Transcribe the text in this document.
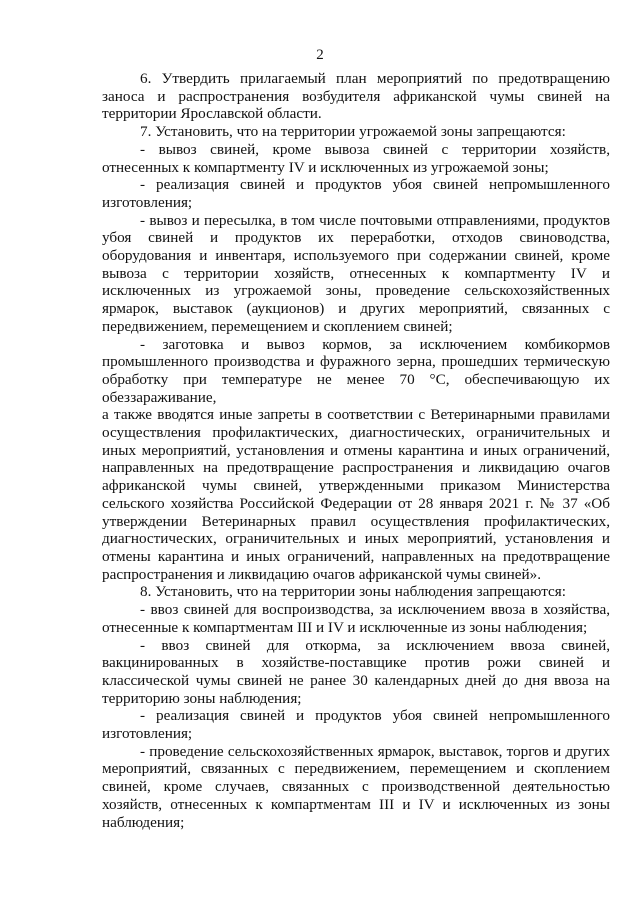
2

6. Утвердить прилагаемый план мероприятий по предотвращению заноса и распространения возбудителя африканской чумы свиней на территории Ярославской области.

7. Установить, что на территории угрожаемой зоны запрещаются:

- вывоз свиней, кроме вывоза свиней с территории хозяйств, отнесенных к компартменту IV и исключенных из угрожаемой зоны;

- реализация свиней и продуктов убоя свиней непромышленного изготовления;

- вывоз и пересылка, в том числе почтовыми отправлениями, продуктов убоя свиней и продуктов их переработки, отходов свиноводства, оборудования и инвентаря, используемого при содержании свиней, кроме вывоза с территории хозяйств, отнесенных к компартменту IV и исключенных из угрожаемой зоны, проведение сельскохозяйственных ярмарок, выставок (аукционов) и других мероприятий, связанных с передвижением, перемещением и скоплением свиней;

- заготовка и вывоз кормов, за исключением комбикормов промышленного производства и фуражного зерна, прошедших термическую обработку при температуре не менее 70 °С, обеспечивающую их обеззараживание,

а также вводятся иные запреты в соответствии с Ветеринарными правилами осуществления профилактических, диагностических, ограничительных и иных мероприятий, установления и отмены карантина и иных ограничений, направленных на предотвращение распространения и ликвидацию очагов африканской чумы свиней, утвержденными приказом Министерства сельского хозяйства Российской Федерации от 28 января 2021 г. № 37 «Об утверждении Ветеринарных правил осуществления профилактических, диагностических, ограничительных и иных мероприятий, установления и отмены карантина и иных ограничений, направленных на предотвращение распространения и ликвидацию очагов африканской чумы свиней».

8. Установить, что на территории зоны наблюдения запрещаются:

- ввоз свиней для воспроизводства, за исключением ввоза в хозяйства, отнесенные к компартментам III и IV и исключенные из зоны наблюдения;

- ввоз свиней для откорма, за исключением ввоза свиней, вакцинированных в хозяйстве-поставщике против рожи свиней и классической чумы свиней не ранее 30 календарных дней до дня ввоза на территорию зоны наблюдения;

- реализация свиней и продуктов убоя свиней непромышленного изготовления;

- проведение сельскохозяйственных ярмарок, выставок, торгов и других мероприятий, связанных с передвижением, перемещением и скоплением свиней, кроме случаев, связанных с производственной деятельностью хозяйств, отнесенных к компартментам III и IV и исключенных из зоны наблюдения;
